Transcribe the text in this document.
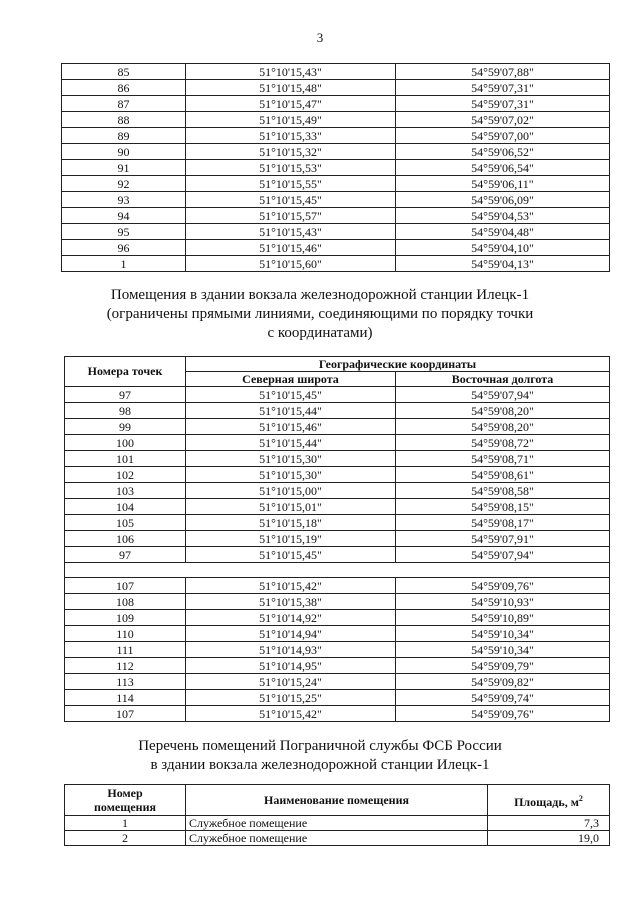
3
85	51°10'15,43"	54°59'07,88"
86	51°10'15,48"	54°59'07,31"
87	51°10'15,47"	54°59'07,31"
88	51°10'15,49"	54°59'07,02"
89	51°10'15,33"	54°59'07,00"
90	51°10'15,32"	54°59'06,52"
91	51°10'15,53"	54°59'06,54"
92	51°10'15,55"	54°59'06,11"
93	51°10'15,45"	54°59'06,09"
94	51°10'15,57"	54°59'04,53"
95	51°10'15,43"	54°59'04,48"
96	51°10'15,46"	54°59'04,10"
1	51°10'15,60"	54°59'04,13"
Помещения в здании вокзала железнодорожной станции Илецк-1
(ограничены прямыми линиями, соединяющими по порядку точки
с координатами)
Номера точек	Географические координаты	
	Северная широта	Восточная долгота
97	51°10'15,45"	54°59'07,94"
98	51°10'15,44"	54°59'08,20"
99	51°10'15,46"	54°59'08,20"
100	51°10'15,44"	54°59'08,72"
101	51°10'15,30"	54°59'08,71"
102	51°10'15,30"	54°59'08,61"
103	51°10'15,00"	54°59'08,58"
104	51°10'15,01"	54°59'08,15"
105	51°10'15,18"	54°59'08,17"
106	51°10'15,19"	54°59'07,91"
97	51°10'15,45"	54°59'07,94"

107	51°10'15,42"	54°59'09,76"
108	51°10'15,38"	54°59'10,93"
109	51°10'14,92"	54°59'10,89"
110	51°10'14,94"	54°59'10,34"
111	51°10'14,93"	54°59'10,34"
112	51°10'14,95"	54°59'09,79"
113	51°10'15,24"	54°59'09,82"
114	51°10'15,25"	54°59'09,74"
107	51°10'15,42"	54°59'09,76"
Перечень помещений Пограничной службы ФСБ России
в здании вокзала железнодорожной станции Илецк-1
Номер
помещения	Наименование помещения	Площадь, $м^2$
1	Служебное помещение	7,3
2	Служебное помещение	19,0
